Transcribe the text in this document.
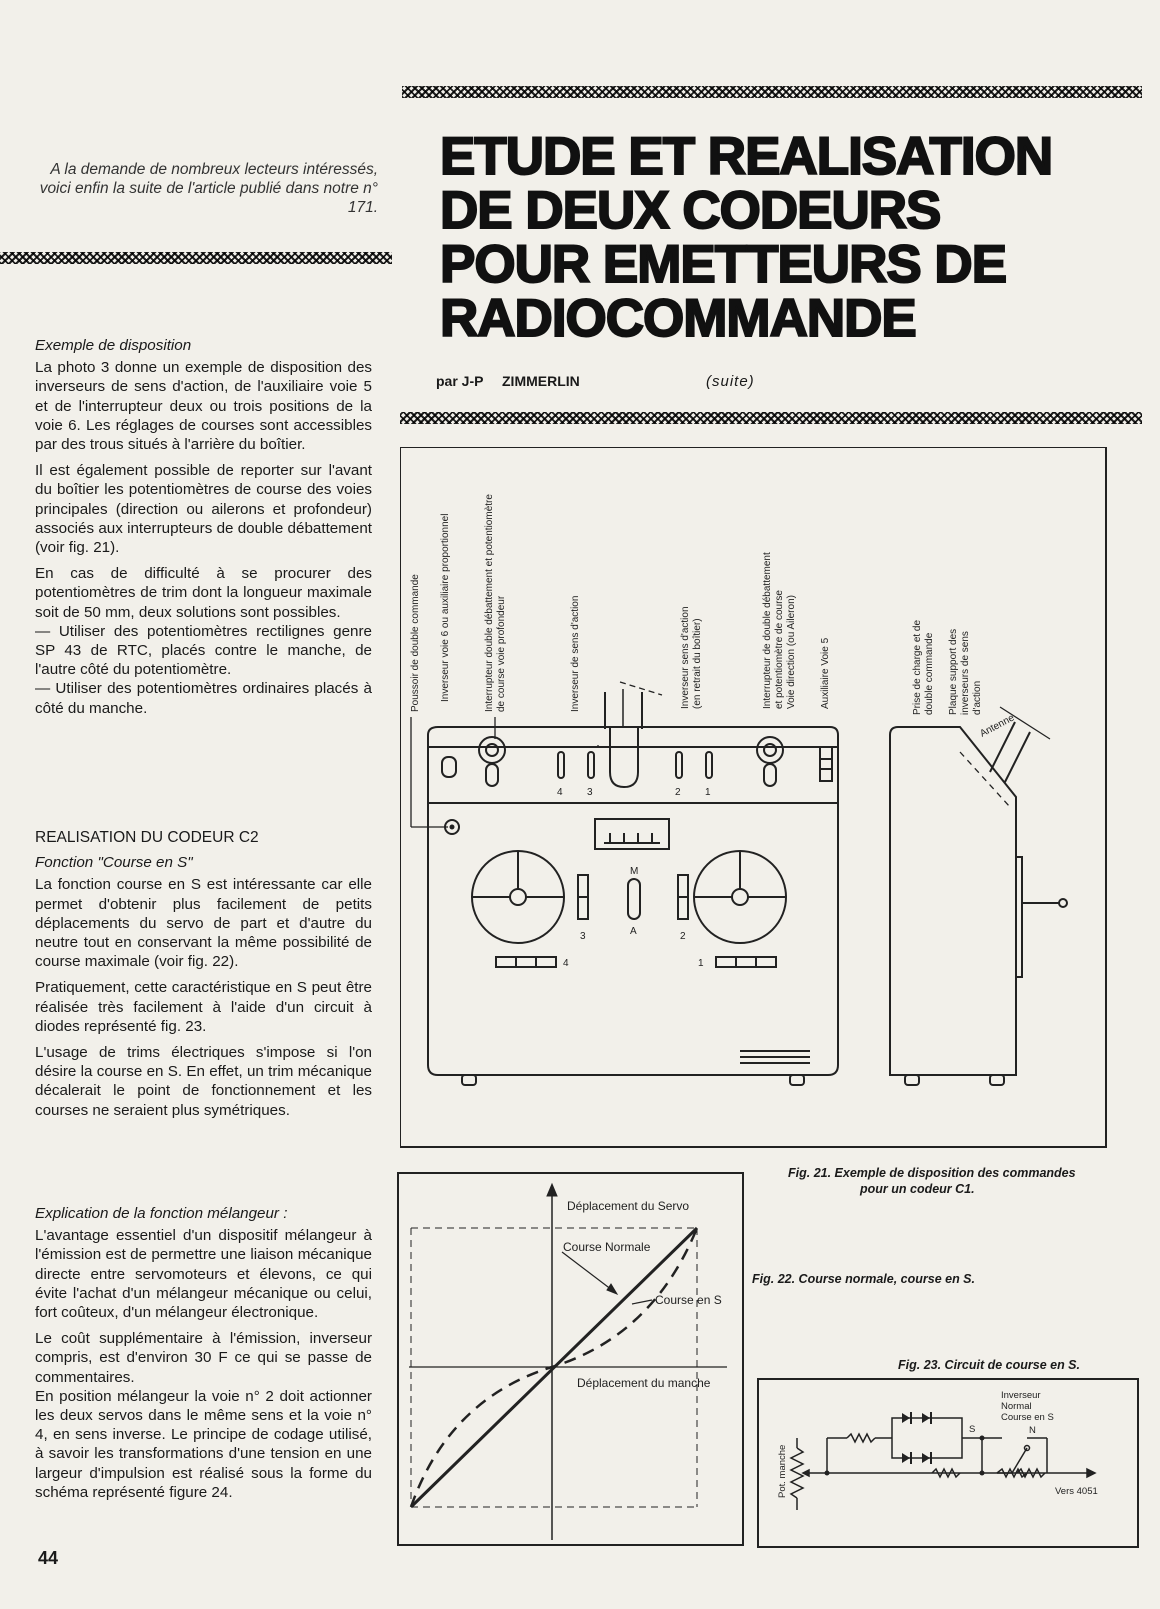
A la demande de nombreux lecteurs intéressés, voici enfin la suite de l'article publié dans notre n° 171.
ETUDE ET REALISATION
DE DEUX CODEURS
POUR EMETTEURS DE
RADIOCOMMANDE
par J-P ZIMMERLIN	(suite)

Exemple de disposition

La photo 3 donne un exemple de disposition des inverseurs de sens d'action, de l'auxiliaire voie 5 et de l'interrupteur deux ou trois positions de la voie 6. Les réglages de courses sont accessibles par des trous situés à l'arrière du boîtier.

Il est également possible de reporter sur l'avant du boîtier les potentiomètres de course des voies principales (direction ou ailerons et profondeur) associés aux interrupteurs de double débattement (voir fig. 21).

En cas de difficulté à se procurer des potentiomètres de trim dont la longueur maximale soit de 50 mm, deux solutions sont possibles.

— Utiliser des potentiomètres rectilignes genre SP 43 de RTC, placés contre le manche, de l'autre côté du potentiomètre.

— Utiliser des potentiomètres ordinaires placés à côté du manche.

REALISATION DU CODEUR C2

Fonction "Course en S"

La fonction course en S est intéressante car elle permet d'obtenir plus facilement de petits déplacements du servo de part et d'autre du neutre tout en conservant la même possibilité de course maximale (voir fig. 22).

Pratiquement, cette caractéristique en S peut être réalisée très facilement à l'aide d'un circuit à diodes représenté fig. 23.

L'usage de trims électriques s'impose si l'on désire la course en S. En effet, un trim mécanique décalerait le point de fonctionnement et les courses ne seraient plus symétriques.

Explication de la fonction mélangeur :

L'avantage essentiel d'un dispositif mélangeur à l'émission est de permettre une liaison mécanique directe entre servomoteurs et élevons, ce qui évite l'achat d'un mélangeur mécanique ou celui, fort coûteux, d'un mélangeur électronique.

Le coût supplémentaire à l'émission, inverseur compris, est d'environ 30 F ce qui se passe de commentaires.

En position mélangeur la voie n° 2 doit actionner les deux servos dans le même sens et la voie n° 4, en sens inverse. Le principe de codage utilisé, à savoir les transformations d'une tension en une largeur d'impulsion est réalisé sous la forme du schéma représenté figure 24.

Poussoir de double commande Inverseur voie 6 ou auxiliaire proportionnel	Interrupteur double débattement et potentiomètre de course voie profondeur	Inverseur de sens d'action	Inverseur sens d'action (en retrait du boîtier)	Interrupteur de double débattement et potentiomètre de course Voie direction (ou Aileron) Auxiliaire Voie 5	Prise de charge et de double commande Plaque support des inverseurs de sens d'action
4 3	2 1
M
A
3	2
4	1
Antenne
Fig. 21. Exemple de disposition des commandes
pour un codeur C1.
Déplacement du Servo
Course Normale
Course en S
Déplacement du manche
Fig. 22. Course normale, course en S.
Fig. 23. Circuit de course en S.
Inverseur
Normal
Course en S
N
S
Vers 4051
Pot. manche
44
